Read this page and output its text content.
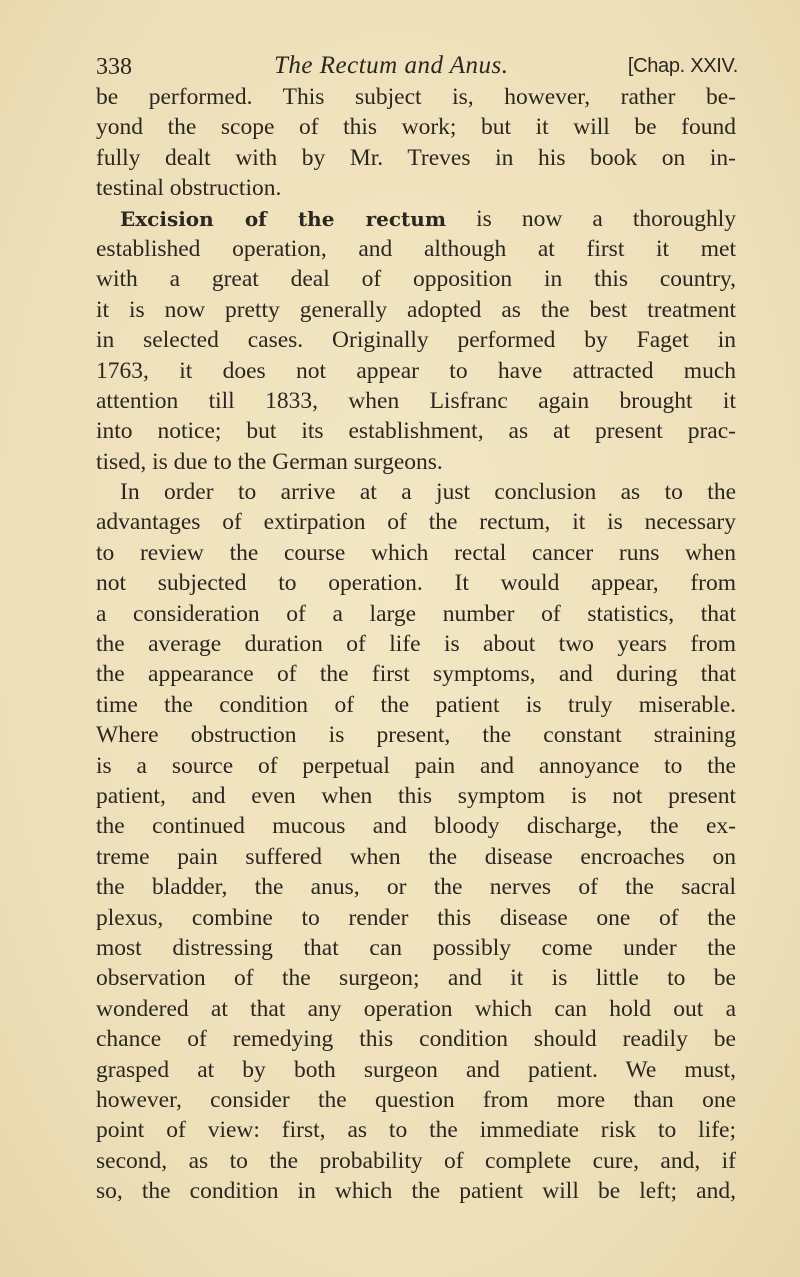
338	The Rectum and Anus.	[Chap. XXIV.
be performed. This subject is, however, rather be-
yond the scope of this work; but it will be found
fully dealt with by Mr. Treves in his book on in-
testinal obstruction.
Excision of the rectum is now a thoroughly
established operation, and although at first it met
with a great deal of opposition in this country,
it is now pretty generally adopted as the best treatment
in selected cases. Originally performed by Faget in
1763, it does not appear to have attracted much
attention till 1833, when Lisfranc again brought it
into notice; but its establishment, as at present prac-
tised, is due to the German surgeons.
In order to arrive at a just conclusion as to the
advantages of extirpation of the rectum, it is necessary
to review the course which rectal cancer runs when
not subjected to operation. It would appear, from
a consideration of a large number of statistics, that
the average duration of life is about two years from
the appearance of the first symptoms, and during that
time the condition of the patient is truly miserable.
Where obstruction is present, the constant straining
is a source of perpetual pain and annoyance to the
patient, and even when this symptom is not present
the continued mucous and bloody discharge, the ex-
treme pain suffered when the disease encroaches on
the bladder, the anus, or the nerves of the sacral
plexus, combine to render this disease one of the
most distressing that can possibly come under the
observation of the surgeon; and it is little to be
wondered at that any operation which can hold out a
chance of remedying this condition should readily be
grasped at by both surgeon and patient. We must,
however, consider the question from more than one
point of view: first, as to the immediate risk to life;
second, as to the probability of complete cure, and, if
so, the condition in which the patient will be left; and,
